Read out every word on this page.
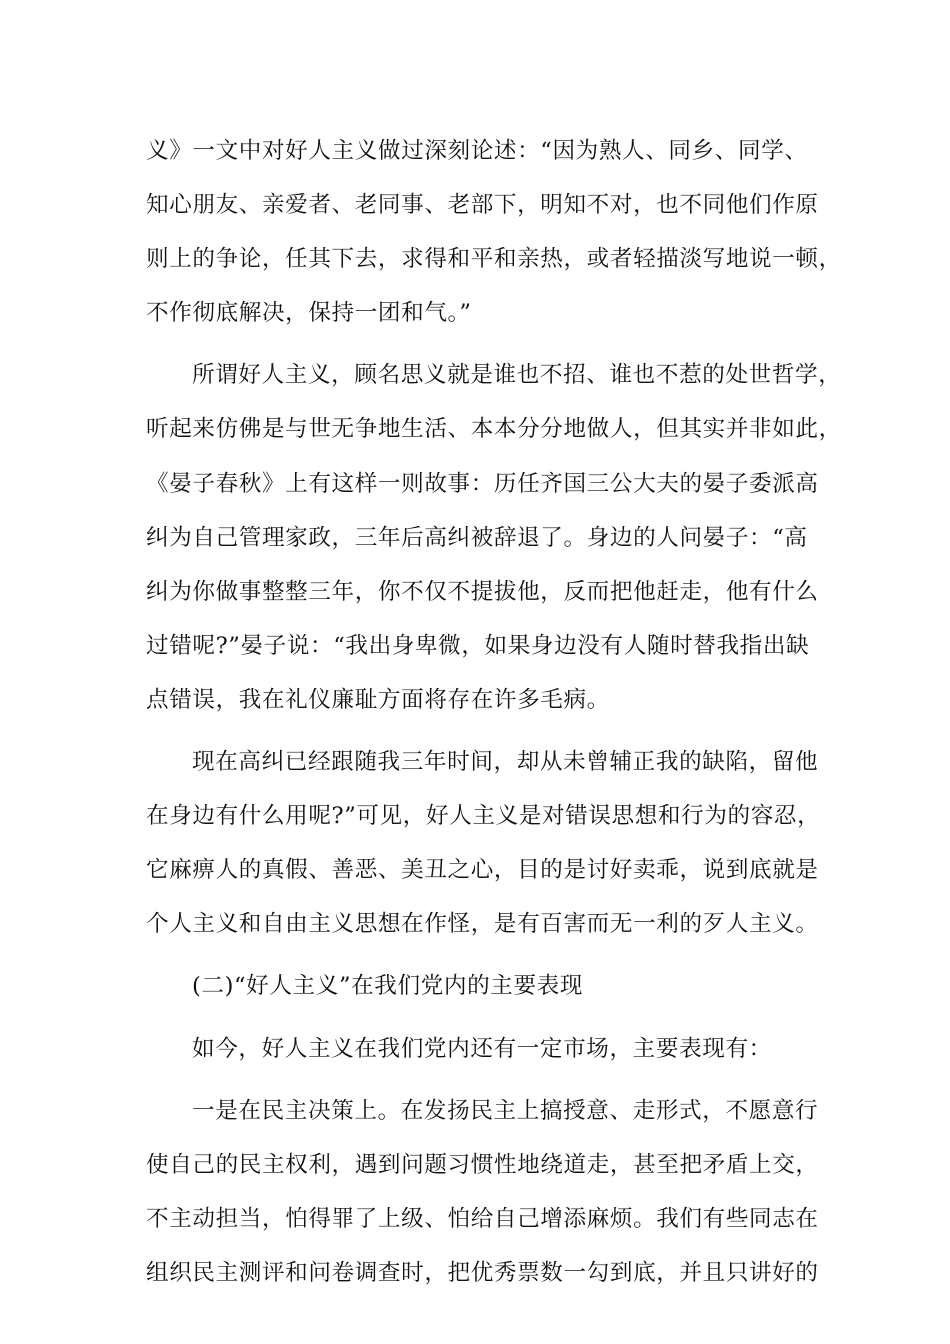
义》一文中对好人主义做过深刻论述：“因为熟人、同乡、同学、
知心朋友、亲爱者、老同事、老部下，明知不对，也不同他们作原
则上的争论，任其下去，求得和平和亲热，或者轻描淡写地说一顿，
不作彻底解决，保持一团和气。”
所谓好人主义，顾名思义就是谁也不招、谁也不惹的处世哲学，
听起来仿佛是与世无争地生活、本本分分地做人，但其实并非如此，
《晏子春秋》上有这样一则故事：历任齐国三公大夫的晏子委派高
纠为自己管理家政，三年后高纠被辞退了。身边的人问晏子：“高
纠为你做事整整三年，你不仅不提拔他，反而把他赶走，他有什么
过错呢?”晏子说：“我出身卑微，如果身边没有人随时替我指出缺
点错误，我在礼仪廉耻方面将存在许多毛病。
现在高纠已经跟随我三年时间，却从未曾辅正我的缺陷，留他
在身边有什么用呢?”可见，好人主义是对错误思想和行为的容忍，
它麻痹人的真假、善恶、美丑之心，目的是讨好卖乖，说到底就是
个人主义和自由主义思想在作怪，是有百害而无一利的歹人主义。
(二)“好人主义”在我们党内的主要表现
如今，好人主义在我们党内还有一定市场，主要表现有：
一是在民主决策上。在发扬民主上搞授意、走形式，不愿意行
使自己的民主权利，遇到问题习惯性地绕道走，甚至把矛盾上交，
不主动担当，怕得罪了上级、怕给自己增添麻烦。我们有些同志在
组织民主测评和问卷调查时，把优秀票数一勾到底，并且只讲好的
